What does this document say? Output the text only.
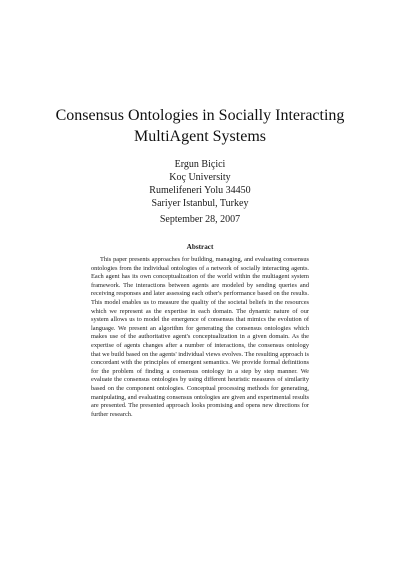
Consensus Ontologies in Socially Interacting
MultiAgent Systems
Ergun Biçici
Koç University
Rumelifeneri Yolu 34450
Sariyer Istanbul, Turkey
September 28, 2007
Abstract
This paper presents approaches for building, managing, and evaluating consensus ontologies from the individual ontologies of a network of socially interacting agents. Each agent has its own conceptualization of the world within the multiagent system framework. The interactions between agents are modeled by sending queries and receiving responses and later assessing each other's performance based on the results. This model enables us to measure the quality of the societal beliefs in the resources which we represent as the expertise in each domain. The dynamic nature of our system allows us to model the emergence of consensus that mimics the evolution of language. We present an algorithm for generating the consensus ontologies which makes use of the authoritative agent's conceptualization in a given domain. As the expertise of agents changes after a number of interactions, the consensus ontology that we build based on the agents' individual views evolves. The resulting approach is concordant with the principles of emergent semantics. We provide formal definitions for the problem of finding a consensus ontology in a step by step manner. We evaluate the consensus ontologies by using different heuristic measures of similarity based on the component ontologies. Conceptual processing methods for generating, manipulating, and evaluating consensus ontologies are given and experimental results are presented. The presented approach looks promising and opens new directions for further research.
